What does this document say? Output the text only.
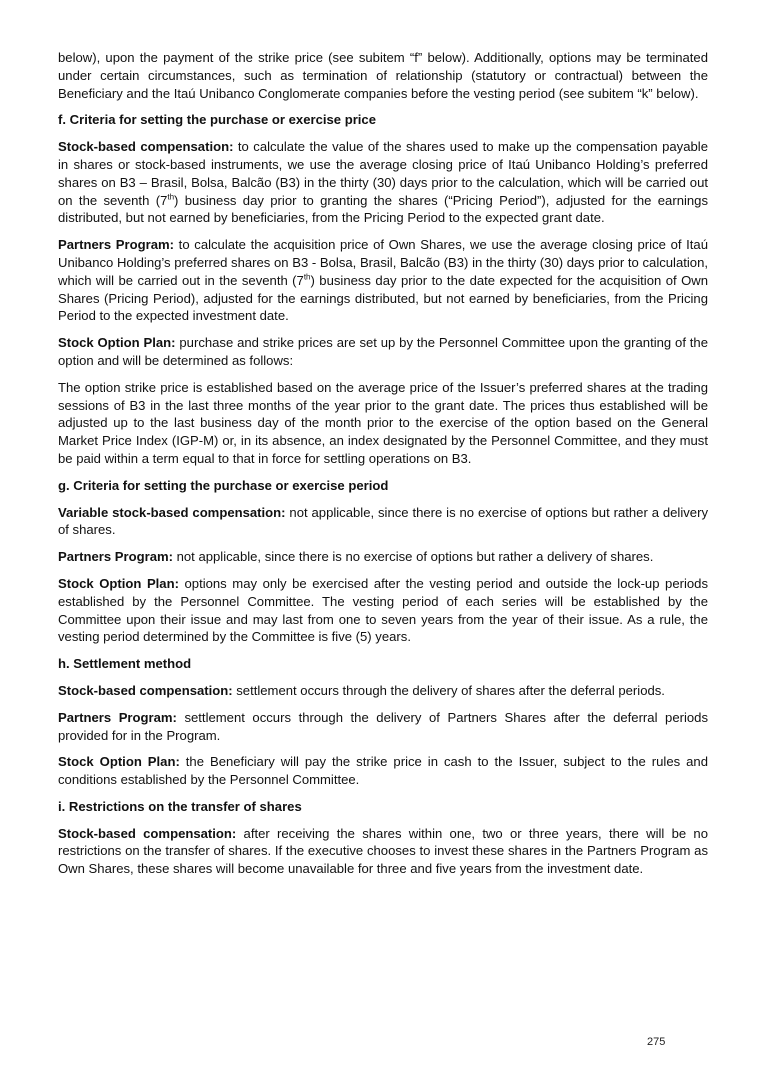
below), upon the payment of the strike price (see subitem “f” below). Additionally, options may be terminated under certain circumstances, such as termination of relationship (statutory or contractual) between the Beneficiary and the Itaú Unibanco Conglomerate companies before the vesting period (see subitem “k” below).

f. Criteria for setting the purchase or exercise price

Stock-based compensation: to calculate the value of the shares used to make up the compensation payable in shares or stock-based instruments, we use the average closing price of Itaú Unibanco Holding’s preferred shares on B3 – Brasil, Bolsa, Balcão (B3) in the thirty (30) days prior to the calculation, which will be carried out on the seventh (7th) business day prior to granting the shares (“Pricing Period”), adjusted for the earnings distributed, but not earned by beneficiaries, from the Pricing Period to the expected grant date.

Partners Program: to calculate the acquisition price of Own Shares, we use the average closing price of Itaú Unibanco Holding’s preferred shares on B3 - Bolsa, Brasil, Balcão (B3) in the thirty (30) days prior to calculation, which will be carried out in the seventh (7th) business day prior to the date expected for the acquisition of Own Shares (Pricing Period), adjusted for the earnings distributed, but not earned by beneficiaries, from the Pricing Period to the expected investment date.

Stock Option Plan: purchase and strike prices are set up by the Personnel Committee upon the granting of the option and will be determined as follows:

The option strike price is established based on the average price of the Issuer’s preferred shares at the trading sessions of B3 in the last three months of the year prior to the grant date. The prices thus established will be adjusted up to the last business day of the month prior to the exercise of the option based on the General Market Price Index (IGP-M) or, in its absence, an index designated by the Personnel Committee, and they must be paid within a term equal to that in force for settling operations on B3.

g. Criteria for setting the purchase or exercise period

Variable stock-based compensation: not applicable, since there is no exercise of options but rather a delivery of shares.

Partners Program: not applicable, since there is no exercise of options but rather a delivery of shares.

Stock Option Plan: options may only be exercised after the vesting period and outside the lock-up periods established by the Personnel Committee. The vesting period of each series will be established by the Committee upon their issue and may last from one to seven years from the year of their issue. As a rule, the vesting period determined by the Committee is five (5) years.

h. Settlement method

Stock-based compensation: settlement occurs through the delivery of shares after the deferral periods.

Partners Program: settlement occurs through the delivery of Partners Shares after the deferral periods provided for in the Program.

Stock Option Plan: the Beneficiary will pay the strike price in cash to the Issuer, subject to the rules and conditions established by the Personnel Committee.

i. Restrictions on the transfer of shares

Stock-based compensation: after receiving the shares within one, two or three years, there will be no restrictions on the transfer of shares. If the executive chooses to invest these shares in the Partners Program as Own Shares, these shares will become unavailable for three and five years from the investment date.

275
